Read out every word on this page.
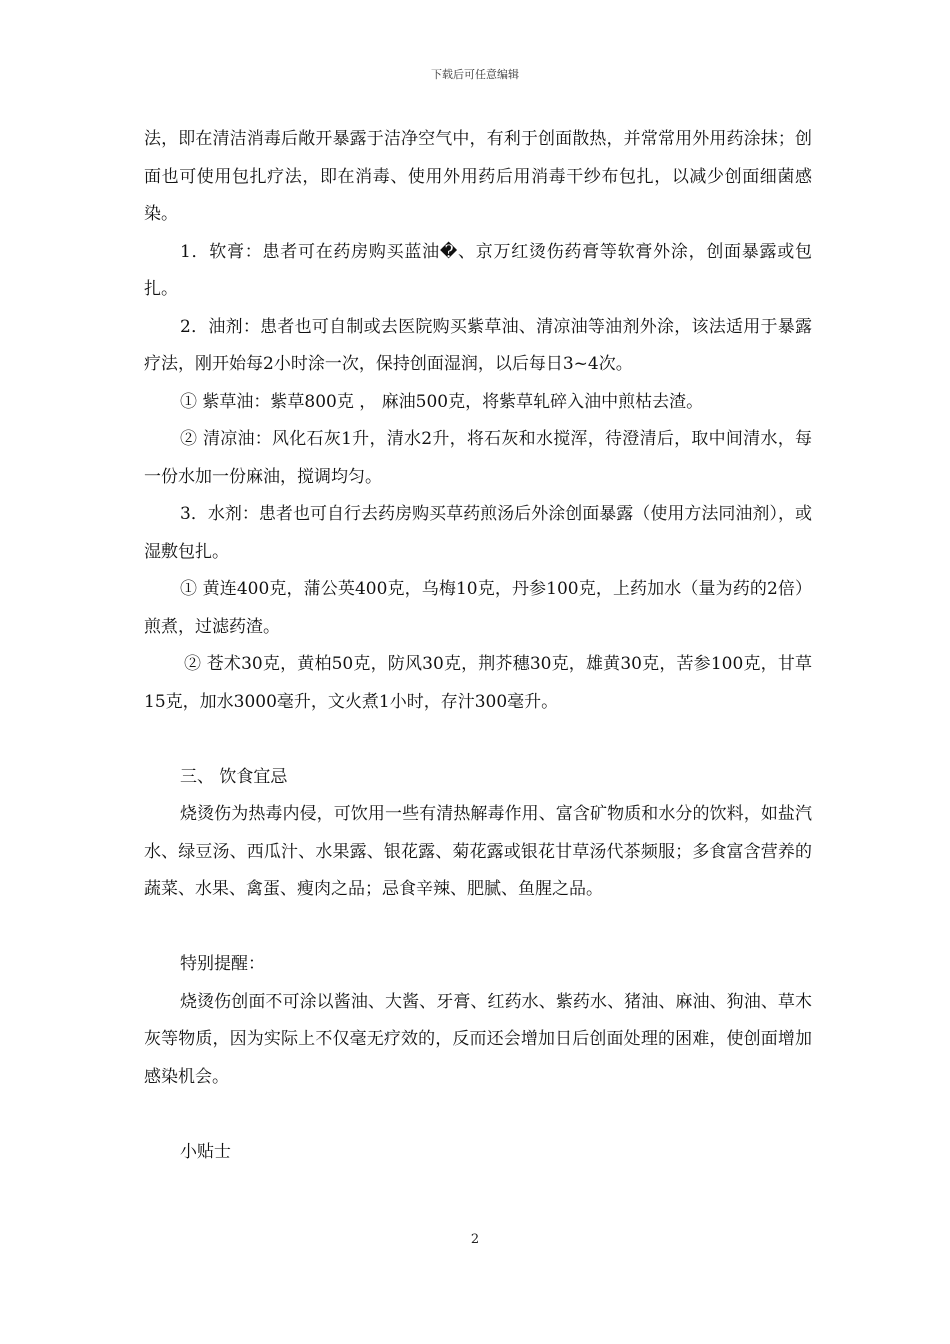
下载后可任意编辑

法，即在清洁消毒后敞开暴露于洁净空气中，有利于创面散热，并常常用外用药涂抹；创面也可使用包扎疗法，即在消毒、使用外用药后用消毒干纱布包扎，以减少创面细菌感染。

1．软膏：患者可在药房购买蓝油�、京万红烫伤药膏等软膏外涂，创面暴露或包扎。

2．油剂：患者也可自制或去医院购买紫草油、清凉油等油剂外涂，该法适用于暴露疗法，刚开始每2小时涂一次，保持创面湿润，以后每日3~4次。

① 紫草油：紫草800克 ， 麻油500克，将紫草轧碎入油中煎枯去渣。

② 清凉油：风化石灰1升，清水2升，将石灰和水搅浑，待澄清后，取中间清水，每一份水加一份麻油，搅调均匀。

3．水剂：患者也可自行去药房购买草药煎汤后外涂创面暴露（使用方法同油剂），或湿敷包扎。

① 黄连400克，蒲公英400克，乌梅10克，丹参100克，上药加水（量为药的2倍）煎煮，过滤药渣。

② 苍术30克，黄柏50克，防风30克，荆芥穗30克，雄黄30克，苦参100克，甘草15克，加水3000毫升，文火煮1小时，存汁300毫升。

三、 饮食宜忌

烧烫伤为热毒内侵，可饮用一些有清热解毒作用、富含矿物质和水分的饮料，如盐汽水、绿豆汤、西瓜汁、水果露、银花露、菊花露或银花甘草汤代茶频服；多食富含营养的蔬菜、水果、禽蛋、瘦肉之品；忌食辛辣、肥腻、鱼腥之品。

特别提醒：

烧烫伤创面不可涂以酱油、大酱、牙膏、红药水、紫药水、猪油、麻油、狗油、草木灰等物质，因为实际上不仅毫无疗效的，反而还会增加日后创面处理的困难，使创面增加感染机会。

小贴士

2
